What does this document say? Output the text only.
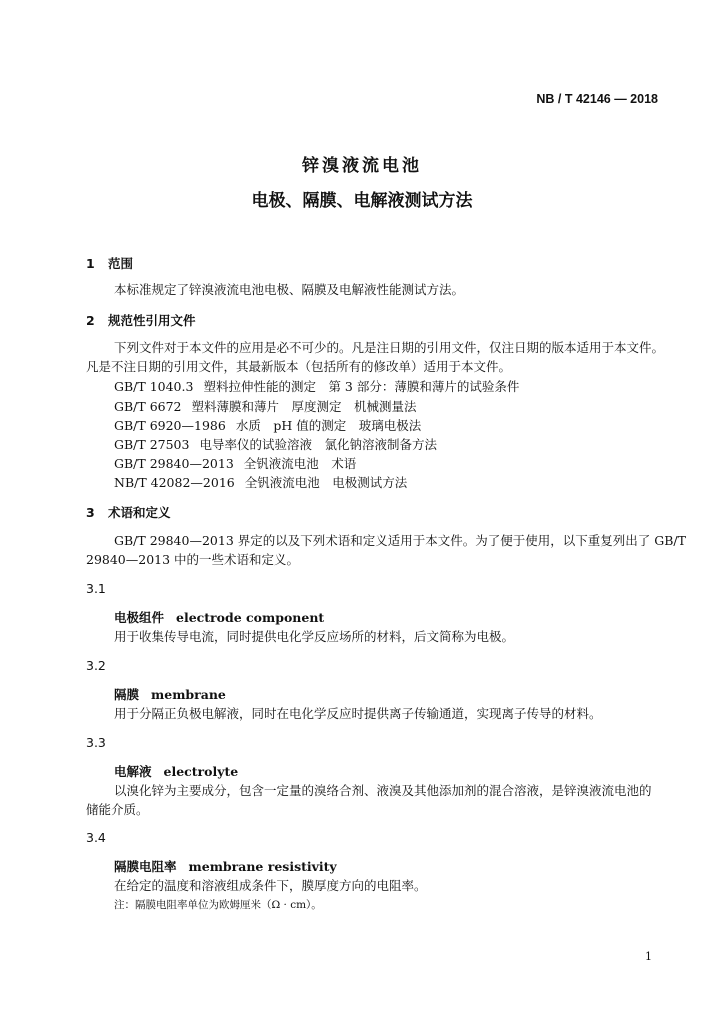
NB / T 42146 — 2018
锌溴液流电池
电极、隔膜、电解液测试方法
1 范围
本标准规定了锌溴液流电池电极、隔膜及电解液性能测试方法。
2 规范性引用文件
下列文件对于本文件的应用是必不可少的。凡是注日期的引用文件，仅注日期的版本适用于本文件。
凡是不注日期的引用文件，其最新版本（包括所有的修改单）适用于本文件。
GB/T 1040.3 塑料拉伸性能的测定　第 3 部分：薄膜和薄片的试验条件
GB/T 6672 塑料薄膜和薄片　厚度测定　机械测量法
GB/T 6920—1986 水质　pH 值的测定　玻璃电极法
GB/T 27503 电导率仪的试验溶液　氯化钠溶液制备方法
GB/T 29840—2013 全钒液流电池　术语
NB/T 42082—2016 全钒液流电池　电极测试方法
3 术语和定义
GB/T 29840—2013 界定的以及下列术语和定义适用于本文件。为了便于使用，以下重复列出了 GB/T
29840—2013 中的一些术语和定义。
3.1
电极组件 electrode component
用于收集传导电流，同时提供电化学反应场所的材料，后文简称为电极。
3.2
隔膜 membrane
用于分隔正负极电解液，同时在电化学反应时提供离子传输通道，实现离子传导的材料。
3.3
电解液 electrolyte
以溴化锌为主要成分，包含一定量的溴络合剂、液溴及其他添加剂的混合溶液，是锌溴液流电池的
储能介质。
3.4
隔膜电阻率 membrane resistivity
在给定的温度和溶液组成条件下，膜厚度方向的电阻率。
注：隔膜电阻率单位为欧姆厘米（Ω · cm）。
1
